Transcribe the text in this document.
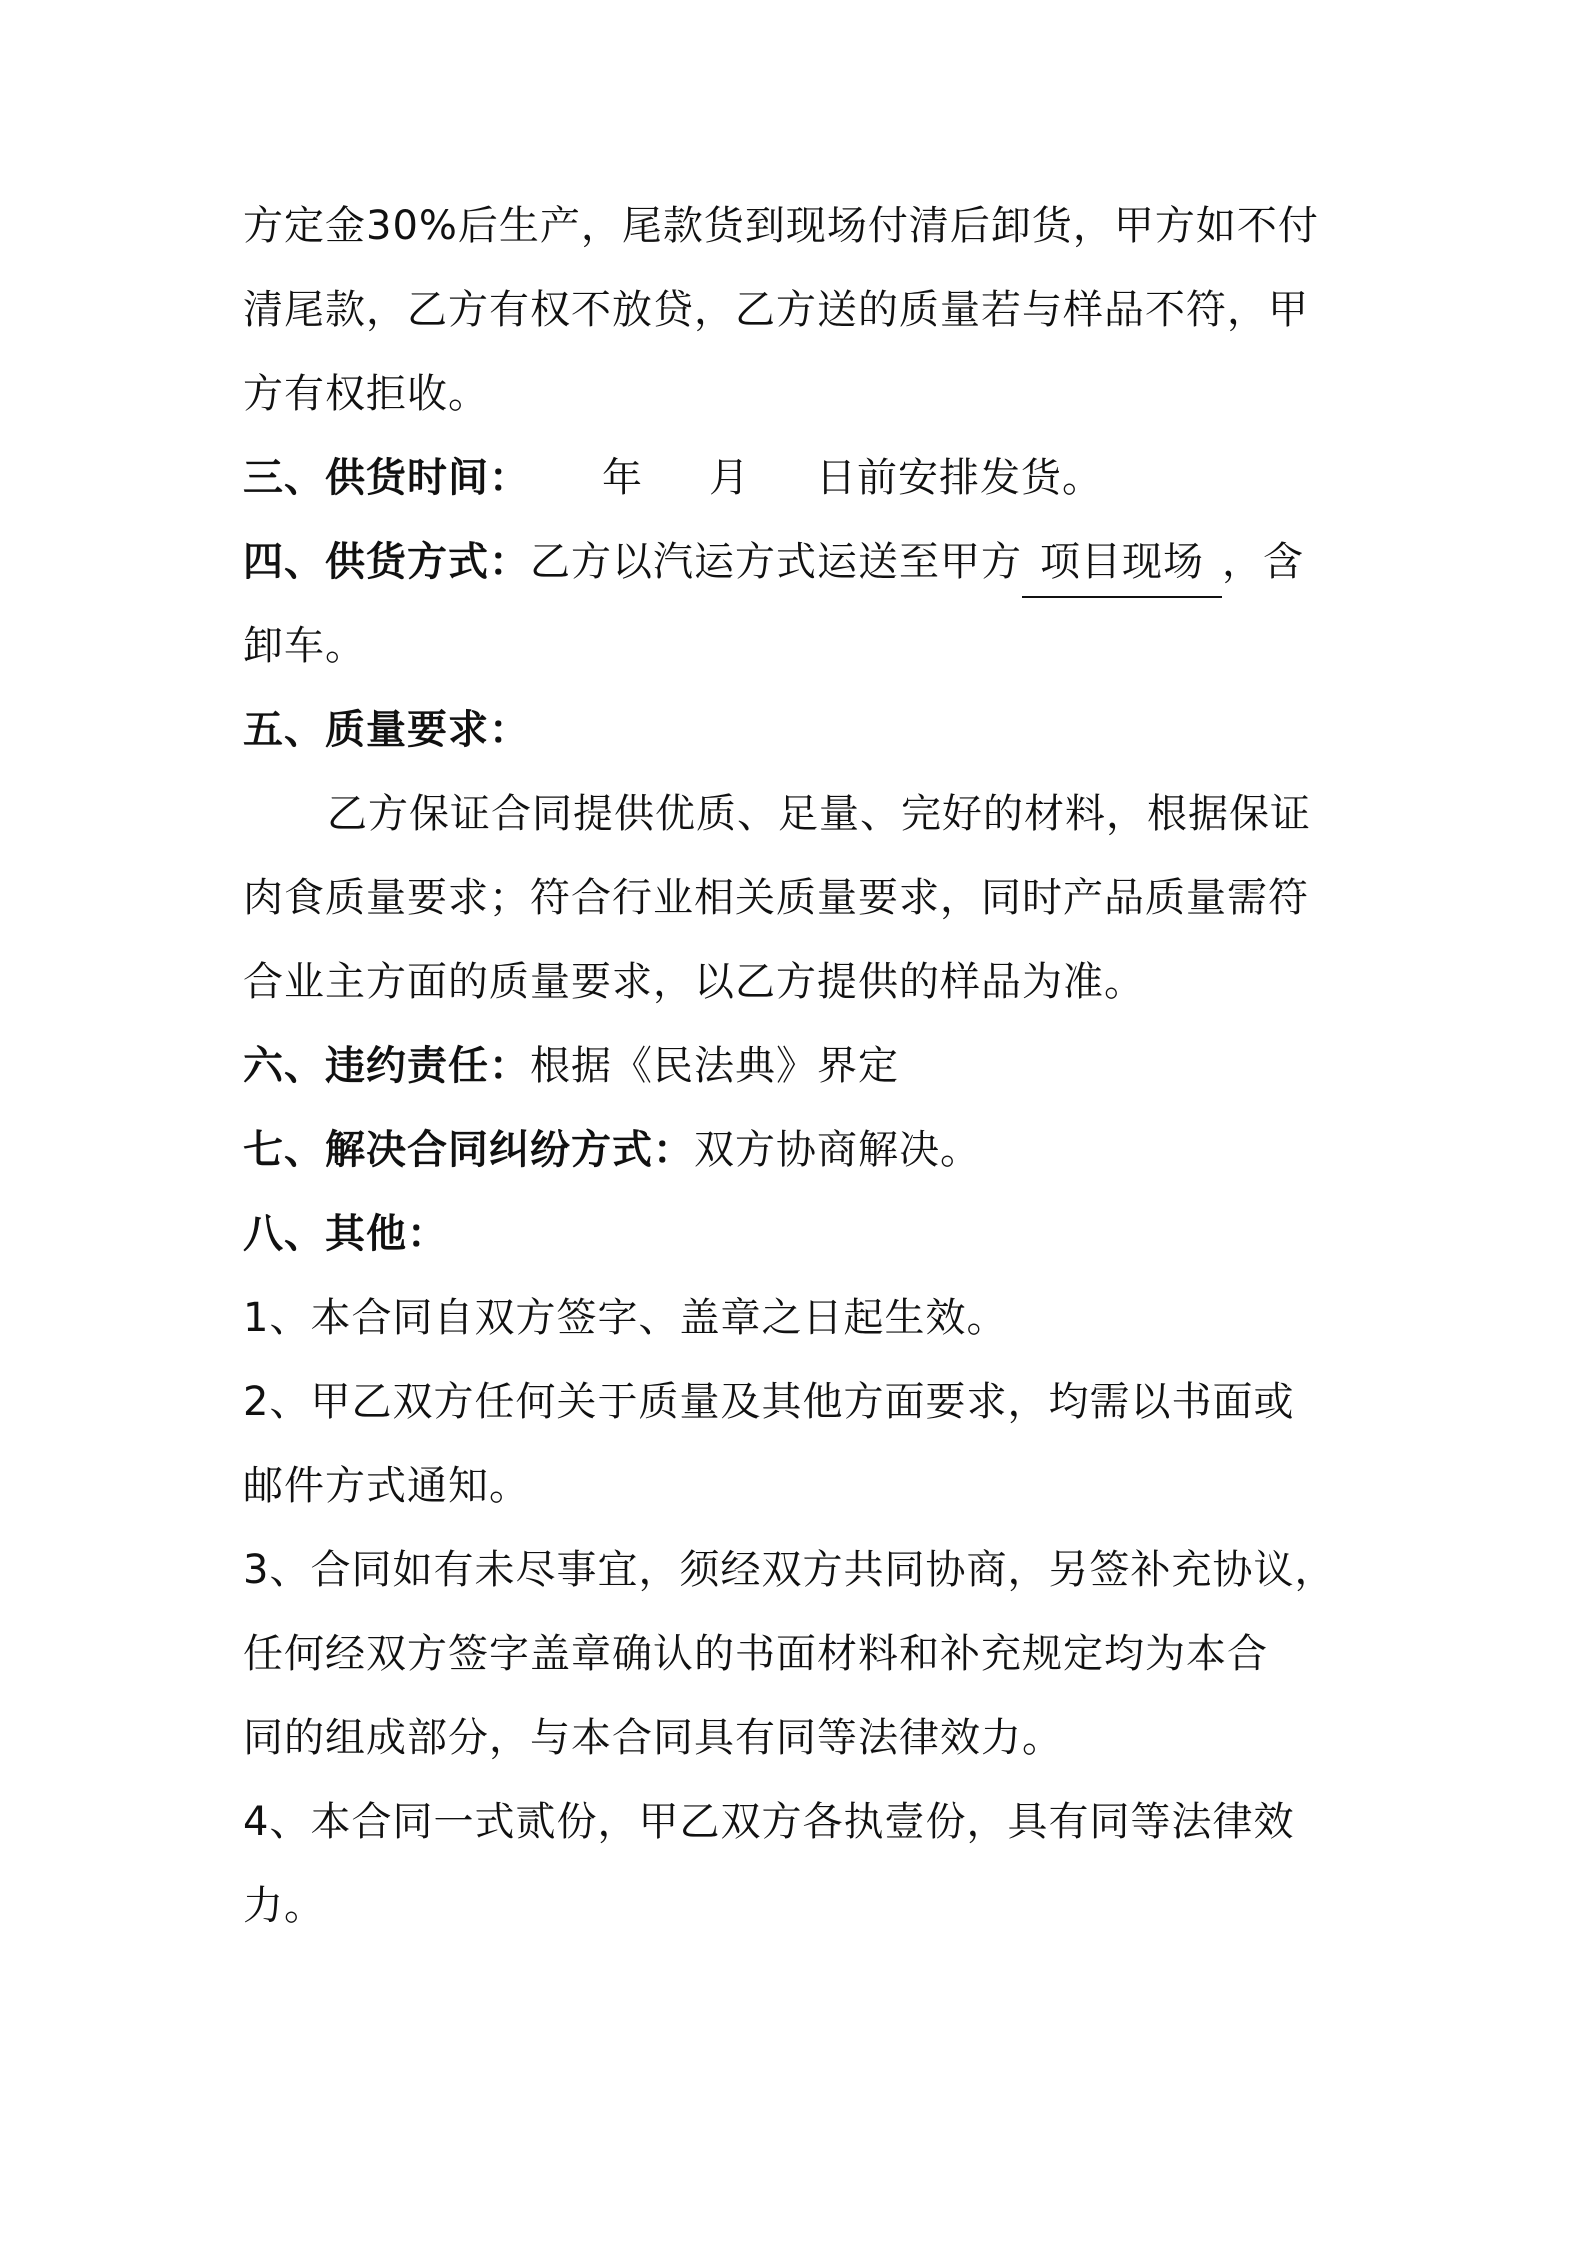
方定金30%后生产，尾款货到现场付清后卸货，甲方如不付
清尾款，乙方有权不放贷，乙方送的质量若与样品不符，甲
方有权拒收。
三、供货时间： 年 月 日前安排发货。
四、供货方式：乙方以汽运方式运送至甲方 项目现场 ，含
卸车。
五、质量要求：
乙方保证合同提供优质、足量、完好的材料，根据保证
肉食质量要求；符合行业相关质量要求，同时产品质量需符
合业主方面的质量要求，以乙方提供的样品为准。
六、违约责任：根据《民法典》界定
七、解决合同纠纷方式：双方协商解决。
八、其他：
1、本合同自双方签字、盖章之日起生效。
2、甲乙双方任何关于质量及其他方面要求，均需以书面或
邮件方式通知。
3、合同如有未尽事宜，须经双方共同协商，另签补充协议，
任何经双方签字盖章确认的书面材料和补充规定均为本合
同的组成部分，与本合同具有同等法律效力。
4、本合同一式贰份，甲乙双方各执壹份，具有同等法律效
力。
